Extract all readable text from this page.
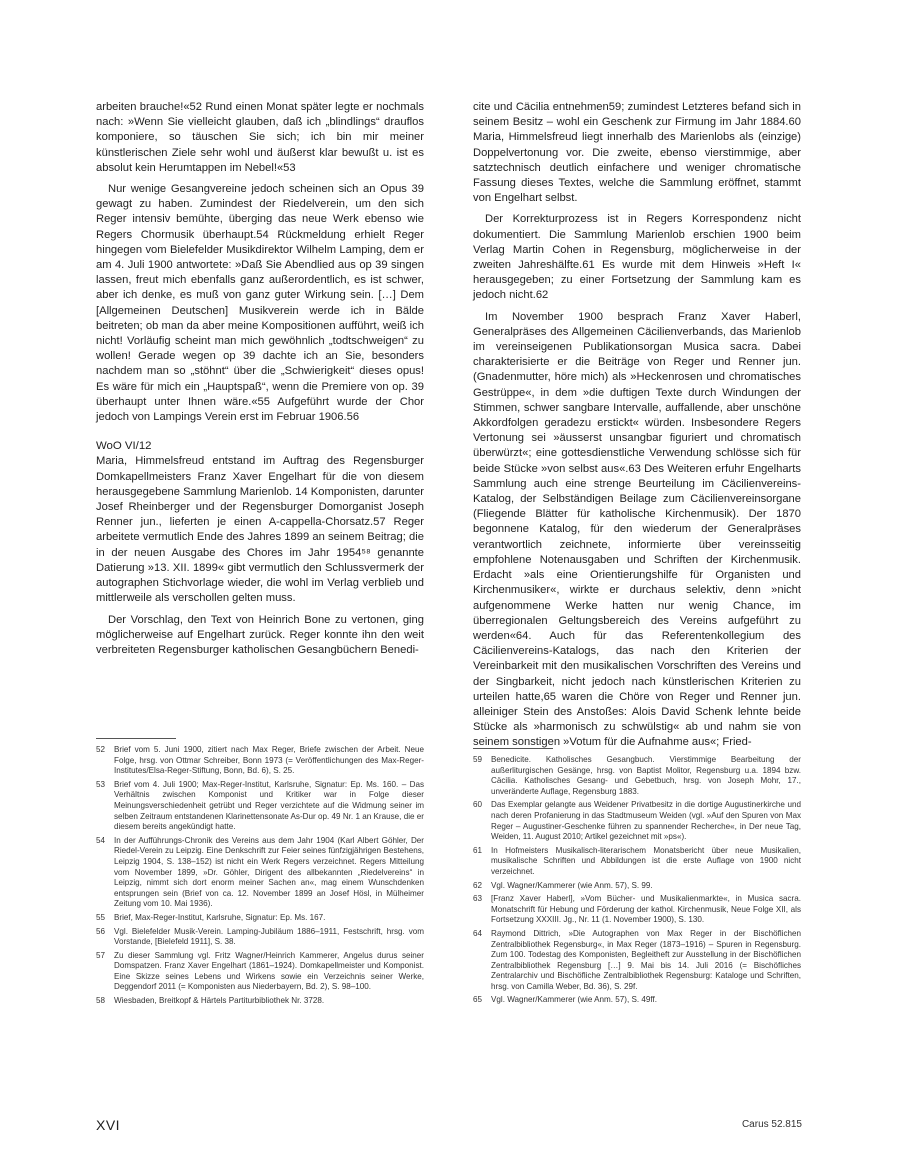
arbeiten brauche!«52 Rund einen Monat später legte er nochmals nach: »Wenn Sie vielleicht glauben, daß ich „blindlings“ drauflos komponiere, so täuschen Sie sich; ich bin mir meiner künstlerischen Ziele sehr wohl und äußerst klar bewußt u. ist es absolut kein Herumtappen im Nebel!«53

Nur wenige Gesangvereine jedoch scheinen sich an Opus 39 gewagt zu haben. Zumindest der Riedelverein, um den sich Reger intensiv bemühte, überging das neue Werk ebenso wie Regers Chormusik überhaupt.54 Rückmeldung erhielt Reger hingegen vom Bielefelder Musikdirektor Wilhelm Lamping, dem er am 4. Juli 1900 antwortete: »Daß Sie Abendlied aus op 39 singen lassen, freut mich ebenfalls ganz außerordentlich, es ist schwer, aber ich denke, es muß von ganz guter Wirkung sein. […] Dem [Allgemeinen Deutschen] Musikverein werde ich in Bälde beitreten; ob man da aber meine Kompositionen aufführt, weiß ich nicht! Vorläufig scheint man mich gewöhnlich „todtschweigen“ zu wollen! Gerade wegen op 39 dachte ich an Sie, besonders nachdem man so „stöhnt“ über die „Schwierigkeit“ dieses opus! Es wäre für mich ein „Hauptspaß“, wenn die Premiere von op. 39 überhaupt unter Ihnen wäre.«55 Aufgeführt wurde der Chor jedoch von Lampings Verein erst im Februar 1906.56

WoO VI/12

Maria, Himmelsfreud entstand im Auftrag des Regensburger Domkapellmeisters Franz Xaver Engelhart für die von diesem herausgegebene Sammlung Marienlob. 14 Komponisten, darunter Josef Rheinberger und der Regensburger Domorganist Joseph Renner jun., lieferten je einen A-cappella-Chorsatz.57 Reger arbeitete vermutlich Ende des Jahres 1899 an seinem Beitrag; die in der neuen Ausgabe des Chores im Jahr 1954⁵⁸ genannte Datierung »13. XII. 1899« gibt vermutlich den Schlussvermerk der autographen Stichvorlage wieder, die wohl im Verlag verblieb und mittlerweile als verschollen gelten muss.

Der Vorschlag, den Text von Heinrich Bone zu vertonen, ging möglicherweise auf Engelhart zurück. Reger konnte ihn den weit verbreiteten Regensburger katholischen Gesangbüchern Benedi-

cite und Cäcilia entnehmen59; zumindest Letzteres befand sich in seinem Besitz – wohl ein Geschenk zur Firmung im Jahr 1884.60 Maria, Himmelsfreud liegt innerhalb des Marienlobs als (einzige) Doppelvertonung vor. Die zweite, ebenso vierstimmige, aber satztechnisch deutlich einfachere und weniger chromatische Fassung dieses Textes, welche die Sammlung eröffnet, stammt von Engelhart selbst.

Der Korrekturprozess ist in Regers Korrespondenz nicht dokumentiert. Die Sammlung Marienlob erschien 1900 beim Verlag Martin Cohen in Regensburg, möglicherweise in der zweiten Jahreshälfte.61 Es wurde mit dem Hinweis »Heft I« herausgegeben; zu einer Fortsetzung der Sammlung kam es jedoch nicht.62

Im November 1900 besprach Franz Xaver Haberl, Generalpräses des Allgemeinen Cäcilienverbands, das Marienlob im vereinseigenen Publikationsorgan Musica sacra. Dabei charakterisierte er die Beiträge von Reger und Renner jun. (Gnadenmutter, höre mich) als »Heckenrosen und chromatisches Gestrüppe«, in dem »die duftigen Texte durch Windungen der Stimmen, schwer sangbare Intervalle, auffallende, aber unschöne Akkordfolgen geradezu erstickt« würden. Insbesondere Regers Vertonung sei »äusserst unsangbar figuriert und chromatisch überwürzt«; eine gottesdienstliche Verwendung schlösse sich für beide Stücke »von selbst aus«.63 Des Weiteren erfuhr Engelharts Sammlung auch eine strenge Beurteilung im Cäcilienvereins-Katalog, der Selbständigen Beilage zum Cäcilienvereinsorgane (Fliegende Blätter für katholische Kirchenmusik). Der 1870 begonnene Katalog, für den wiederum der Generalpräses verantwortlich zeichnete, informierte über vereinsseitig empfohlene Notenausgaben und Schriften der Kirchenmusik. Erdacht »als eine Orientierungshilfe für Organisten und Kirchenmusiker«, wirkte er durchaus selektiv, denn »nicht aufgenommene Werke hatten nur wenig Chance, im überregionalen Geltungsbereich des Vereins aufgeführt zu werden«64. Auch für das Referentenkollegium des Cäcilienvereins-Katalogs, das nach den Kriterien der Vereinbarkeit mit den musikalischen Vorschriften des Vereins und der Singbarkeit, nicht jedoch nach künstlerischen Kriterien zu urteilen hatte,65 waren die Chöre von Reger und Renner jun. alleiniger Stein des Anstoßes: Alois David Schenk lehnte beide Stücke als »harmonisch zu schwülstig« ab und nahm sie von seinem sonstigen »Votum für die Aufnahme aus«; Fried-

52	Brief vom 5. Juni 1900, zitiert nach Max Reger, Briefe zwischen der Arbeit. Neue Folge, hrsg. von Ottmar Schreiber, Bonn 1973 (= Veröffentlichungen des Max-Reger-Institutes/Elsa-Reger-Stiftung, Bonn, Bd. 6), S. 25.
53	Brief vom 4. Juli 1900; Max-Reger-Institut, Karlsruhe, Signatur: Ep. Ms. 160. – Das Verhältnis zwischen Komponist und Kritiker war in Folge dieser Meinungsverschiedenheit getrübt und Reger verzichtete auf die Widmung seiner im selben Zeitraum entstandenen Klarinettensonate As-Dur op. 49 Nr. 1 an Krause, die er diesem bereits angekündigt hatte.
54	In der Aufführungs-Chronik des Vereins aus dem Jahr 1904 (Karl Albert Göhler, Der Riedel-Verein zu Leipzig. Eine Denkschrift zur Feier seines fünfzigjährigen Bestehens, Leipzig 1904, S. 138–152) ist nicht ein Werk Regers verzeichnet. Regers Mitteilung vom November 1899, »Dr. Göhler, Dirigent des allbekannten „Riedelvereins“ in Leipzig, nimmt sich dort enorm meiner Sachen an«, mag einem Wunschdenken entsprungen sein (Brief von ca. 12. November 1899 an Josef Hösl, in Mülheimer Zeitung vom 10. Mai 1936).
55	Brief, Max-Reger-Institut, Karlsruhe, Signatur: Ep. Ms. 167.
56	Vgl. Bielefelder Musik-Verein. Lamping-Jubiläum 1886–1911, Festschrift, hrsg. vom Vorstande, [Bielefeld 1911], S. 38.
57	Zu dieser Sammlung vgl. Fritz Wagner/Heinrich Kammerer, Angelus durus seiner Domspatzen. Franz Xaver Engelhart (1861–1924). Domkapellmeister und Komponist. Eine Skizze seines Lebens und Wirkens sowie ein Verzeichnis seiner Werke, Deggendorf 2011 (= Komponisten aus Niederbayern, Bd. 2), S. 98–100.
58	Wiesbaden, Breitkopf & Härtels Partiturbibliothek Nr. 3728.
59	Benedicite. Katholisches Gesangbuch. Vierstimmige Bearbeitung der außerliturgischen Gesänge, hrsg. von Baptist Molitor, Regensburg u.a. 1894 bzw. Cäcilia. Katholisches Gesang- und Gebetbuch, hrsg. von Joseph Mohr, 17., unveränderte Auflage, Regensburg 1883.
60	Das Exemplar gelangte aus Weidener Privatbesitz in die dortige Augustinerkirche und nach deren Profanierung in das Stadtmuseum Weiden (vgl. »Auf den Spuren von Max Reger – Augustiner-Geschenke führen zu spannender Recherche«, in Der neue Tag, Weiden, 11. August 2010; Artikel gezeichnet mit »ps«).
61	In Hofmeisters Musikalisch-literarischem Monatsbericht über neue Musikalien, musikalische Schriften und Abbildungen ist die erste Auflage von 1900 nicht verzeichnet.
62	Vgl. Wagner/Kammerer (wie Anm. 57), S. 99.
63	[Franz Xaver Haberl], »Vom Bücher- und Musikalienmarkte«, in Musica sacra. Monatschrift für Hebung und Förderung der kathol. Kirchenmusik, Neue Folge XII, als Fortsetzung XXXIII. Jg., Nr. 11 (1. November 1900), S. 130.
64	Raymond Dittrich, »Die Autographen von Max Reger in der Bischöflichen Zentralbibliothek Regensburg«, in Max Reger (1873–1916) – Spuren in Regensburg. Zum 100. Todestag des Komponisten, Begleitheft zur Ausstellung in der Bischöflichen Zentralbibliothek Regensburg […] 9. Mai bis 14. Juli 2016 (= Bischöfliches Zentralarchiv und Bischöfliche Zentralbibliothek Regensburg: Kataloge und Schriften, hrsg. von Camilla Weber, Bd. 36), S. 29f.
65	Vgl. Wagner/Kammerer (wie Anm. 57), S. 49ff.
XVI	Carus 52.815
